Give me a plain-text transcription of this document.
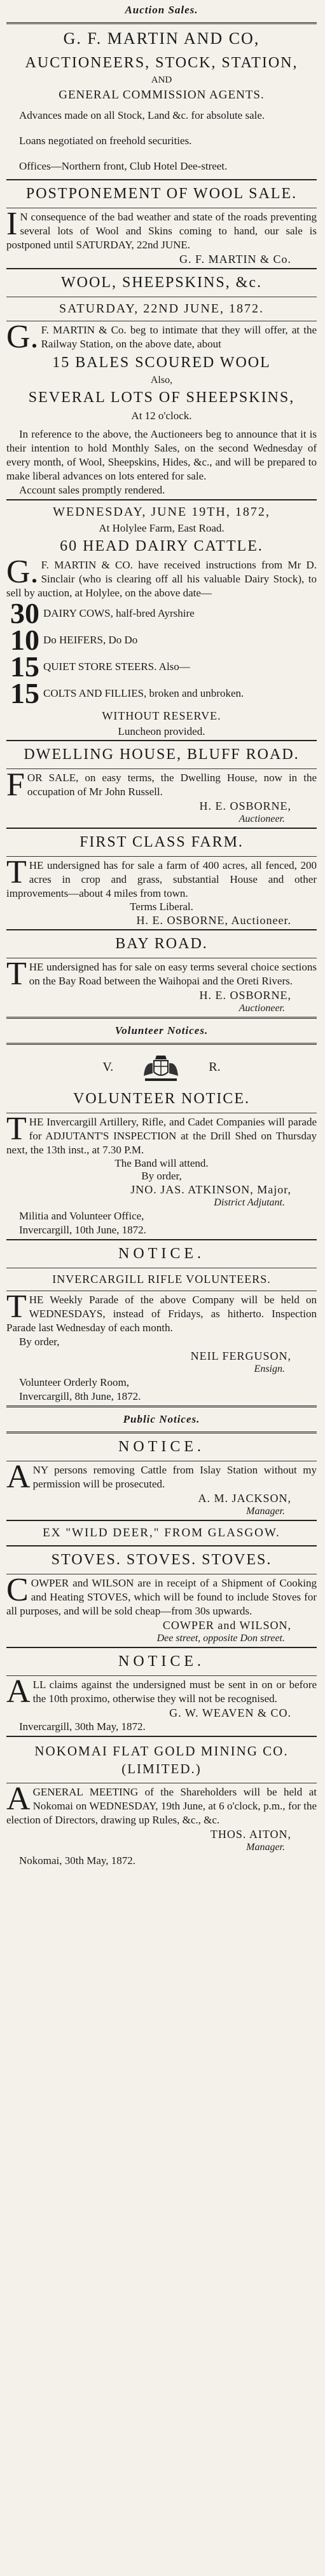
Auction Sales.
G. F. MARTIN AND CO,
AUCTIONEERS, STOCK, STATION,
AND
GENERAL COMMISSION AGENTS.

Advances made on all Stock, Land &c. for absolute sale.

Loans negotiated on freehold securities.

Offices—Northern front, Club Hotel Dee-street.

POSTPONEMENT OF WOOL SALE.

IN consequence of the bad weather and state of the roads preventing several lots of Wool and Skins coming to hand, our sale is postponed until SATURDAY, 22nd JUNE.

G. F. MARTIN & Co.
WOOL, SHEEPSKINS, &c.
SATURDAY, 22ND JUNE, 1872.

G.F. MARTIN & Co. beg to intimate that they will offer, at the Railway Station, on the above date, about

15 BALES SCOURED WOOL
Also,
SEVERAL LOTS OF SHEEPSKINS,
At 12 o'clock.

In reference to the above, the Auctioneers beg to announce that it is their intention to hold Monthly Sales, on the second Wednesday of every month, of Wool, Sheepskins, Hides, &c., and will be prepared to make liberal advances on lots entered for sale.

Account sales promptly rendered.

WEDNESDAY, JUNE 19TH, 1872,
At Holylee Farm, East Road.
60 HEAD DAIRY CATTLE.

G.F. MARTIN & CO. have received instructions from Mr D. Sinclair (who is clearing off all his valuable Dairy Stock), to sell by auction, at Holylee, on the above date—

30 DAIRY COWS, half-bred Ayrshire
10 Do HEIFERS, Do Do
15 QUIET STORE STEERS. Also—
15 COLTS AND FILLIES, broken and unbroken.
WITHOUT RESERVE.
Luncheon provided.
DWELLING HOUSE, BLUFF ROAD.

FOR SALE, on easy terms, the Dwelling House, now in the occupation of Mr John Russell.

H. E. OSBORNE,
Auctioneer.
FIRST CLASS FARM.

THE undersigned has for sale a farm of 400 acres, all fenced, 200 acres in crop and grass, substantial House and other improvements—about 4 miles from town.

Terms Liberal.
H. E. OSBORNE, Auctioneer.
BAY ROAD.

THE undersigned has for sale on easy terms several choice sections on the Bay Road between the Waihopai and the Oreti Rivers.

H. E. OSBORNE,
Auctioneer.
Volunteer Notices.
V.	R.
VOLUNTEER NOTICE.

THE Invercargill Artillery, Rifle, and Cadet Companies will parade for ADJUTANT'S INSPECTION at the Drill Shed on Thursday next, the 13th inst., at 7.30 P.M.

The Band will attend.
By order,
JNO. JAS. ATKINSON, Major,
District Adjutant.

Militia and Volunteer Office,

Invercargill, 10th June, 1872.

NOTICE.
INVERCARGILL RIFLE VOLUNTEERS.

THE Weekly Parade of the above Company will be held on WEDNESDAYS, instead of Fridays, as hitherto. Inspection Parade last Wednesday of each month.

By order,

NEIL FERGUSON,
Ensign.

Volunteer Orderly Room,

Invercargill, 8th June, 1872.

Public Notices.
NOTICE.

ANY persons removing Cattle from Islay Station without my permission will be prosecuted.

A. M. JACKSON,
Manager.
EX "WILD DEER," FROM GLASGOW.
STOVES. STOVES. STOVES.

COWPER and WILSON are in receipt of a Shipment of Cooking and Heating STOVES, which will be found to include Stoves for all purposes, and will be sold cheap—from 30s upwards.

COWPER and WILSON,
Dee street, opposite Don street.
NOTICE.

ALL claims against the undersigned must be sent in on or before the 10th proximo, otherwise they will not be recognised.

G. W. WEAVEN & CO.

Invercargill, 30th May, 1872.

NOKOMAI FLAT GOLD MINING CO. (LIMITED.)

AGENERAL MEETING of the Shareholders will be held at Nokomai on WEDNESDAY, 19th June, at 6 o'clock, p.m., for the election of Directors, drawing up Rules, &c., &c.

THOS. AITON,
Manager.

Nokomai, 30th May, 1872.
